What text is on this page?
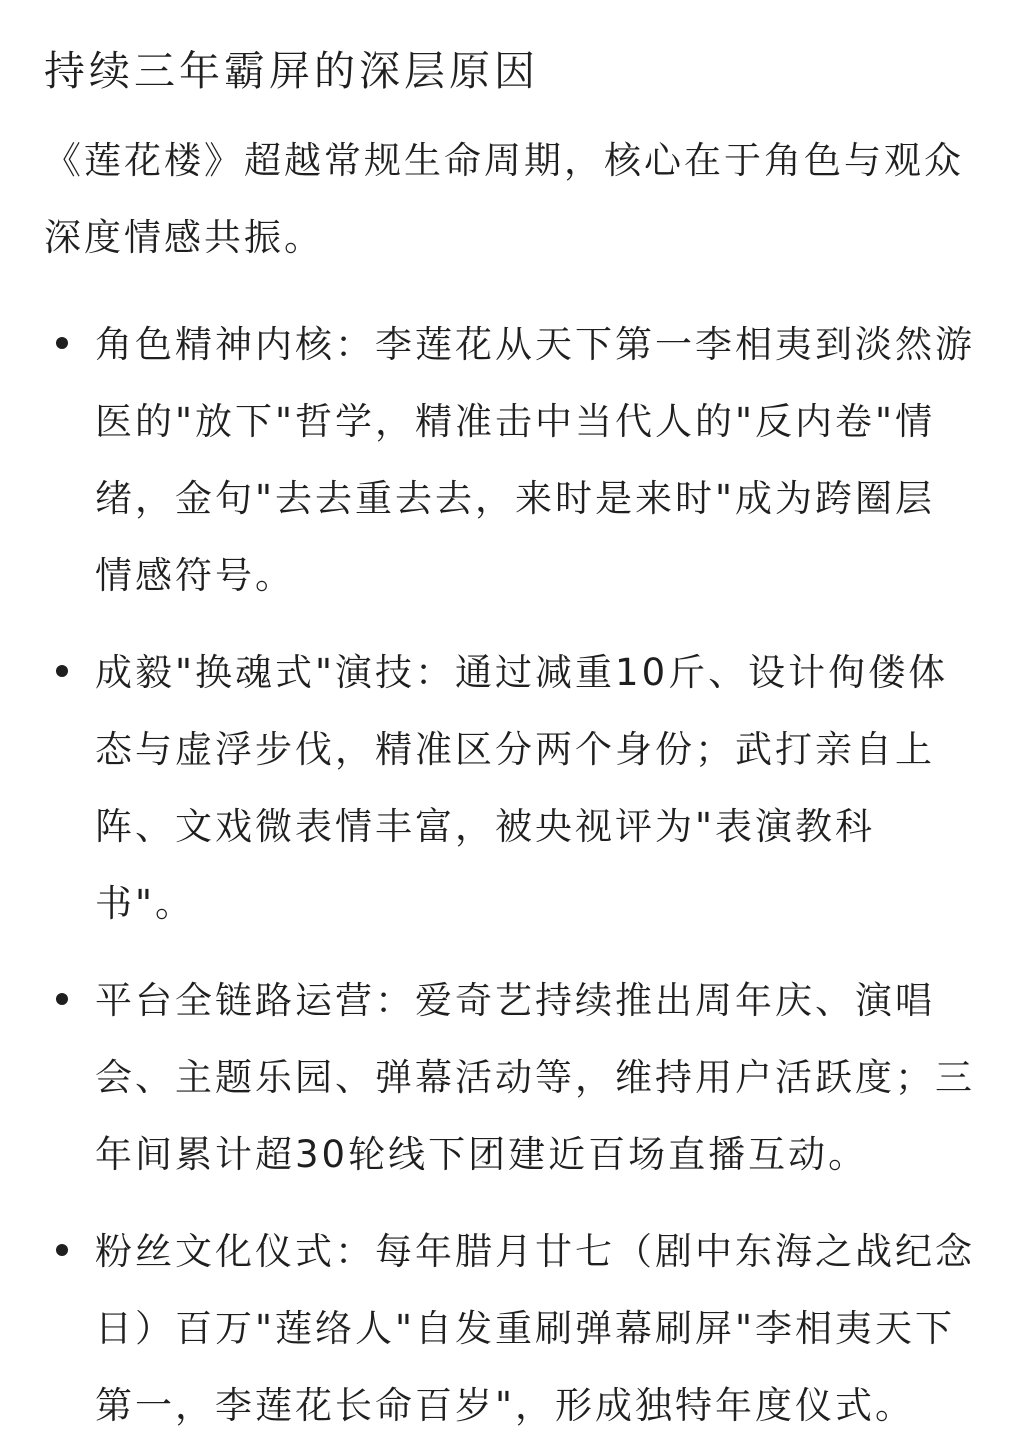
持续三年霸屏的深层原因

《莲花楼》超越常规生命周期，核心在于角色与观众深度情感共振。

角色精神内核：李莲花从天下第一李相夷到淡然游医的"放下"哲学，精准击中当代人的"反内卷"情绪，金句"去去重去去，来时是来时"成为跨圈层情感符号。
成毅"换魂式"演技：通过减重10斤、设计佝偻体态与虚浮步伐，精准区分两个身份；武打亲自上阵、文戏微表情丰富，被央视评为"表演教科书"。
平台全链路运营：爱奇艺持续推出周年庆、演唱会、主题乐园、弹幕活动等，维持用户活跃度；三年间累计超30轮线下团建近百场直播互动。
粉丝文化仪式：每年腊月廿七（剧中东海之战纪念日）百万"莲络人"自发重刷弹幕刷屏"李相夷天下第一，李莲花长命百岁"，形成独特年度仪式。
